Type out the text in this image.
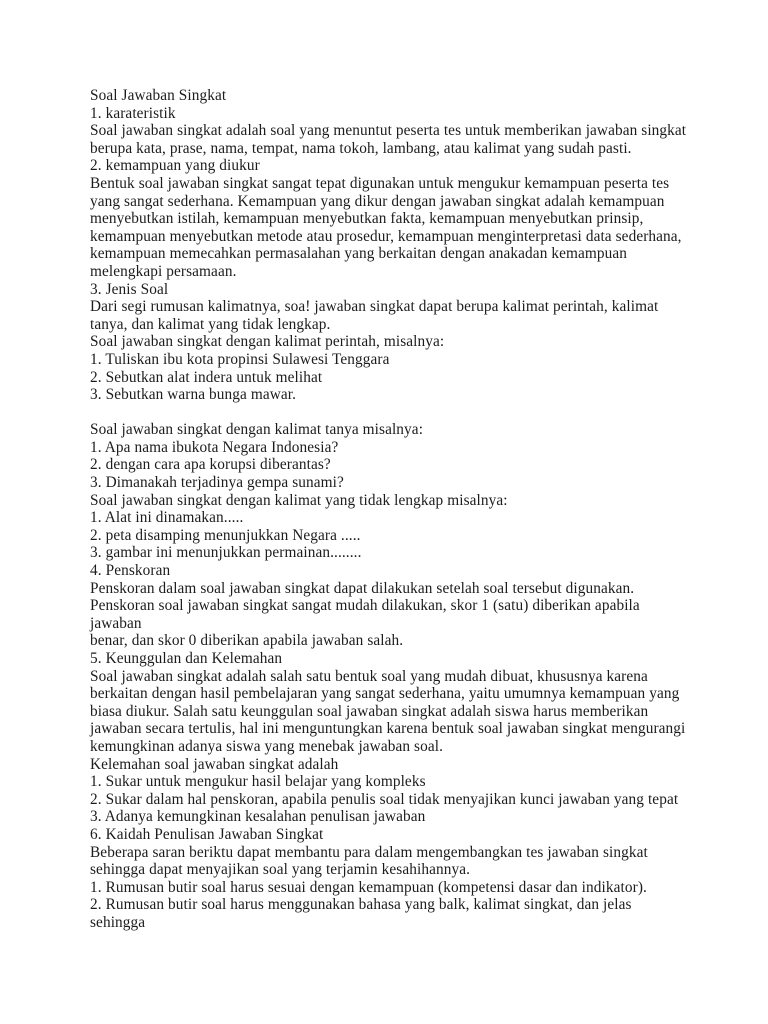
Soal Jawaban Singkat

1. karateristik

Soal jawaban singkat adalah soal yang menuntut peserta tes untuk memberikan jawaban singkat

berupa kata, prase, nama, tempat, nama tokoh, lambang, atau kalimat yang sudah pasti.

2. kemampuan yang diukur

Bentuk soal jawaban singkat sangat tepat digunakan untuk mengukur kemampuan peserta tes

yang sangat sederhana. Kemampuan yang dikur dengan jawaban singkat adalah kemampuan

menyebutkan istilah, kemampuan menyebutkan fakta, kemampuan menyebutkan prinsip,

kemampuan menyebutkan metode atau prosedur, kemampuan menginterpretasi data sederhana,

kemampuan memecahkan permasalahan yang berkaitan dengan anakadan kemampuan

melengkapi persamaan.

3. Jenis Soal

Dari segi rumusan kalimatnya, soa! jawaban singkat dapat berupa kalimat perintah, kalimat

tanya, dan kalimat yang tidak lengkap.

Soal jawaban singkat dengan kalimat perintah, misalnya:

1. Tuliskan ibu kota propinsi Sulawesi Tenggara

2. Sebutkan alat indera untuk melihat

3. Sebutkan warna bunga mawar.

Soal jawaban singkat dengan kalimat tanya misalnya:

1. Apa nama ibukota Negara Indonesia?

2. dengan cara apa korupsi diberantas?

3. Dimanakah terjadinya gempa sunami?

Soal jawaban singkat dengan kalimat yang tidak lengkap misalnya:

1. Alat ini dinamakan.....

2. peta disamping menunjukkan Negara .....

3. gambar ini menunjukkan permainan........

4. Penskoran

Penskoran dalam soal jawaban singkat dapat dilakukan setelah soal tersebut digunakan.

Penskoran soal jawaban singkat sangat mudah dilakukan, skor 1 (satu) diberikan apabila jawaban

benar, dan skor 0 diberikan apabila jawaban salah.

5. Keunggulan dan Kelemahan

Soal jawaban singkat adalah salah satu bentuk soal yang mudah dibuat, khususnya karena

berkaitan dengan hasil pembelajaran yang sangat sederhana, yaitu umumnya kemampuan yang

biasa diukur. Salah satu keunggulan soal jawaban singkat adalah siswa harus memberikan

jawaban secara tertulis, hal ini menguntungkan karena bentuk soal jawaban singkat mengurangi

kemungkinan adanya siswa yang menebak jawaban soal.

Kelemahan soal jawaban singkat adalah

1. Sukar untuk mengukur hasil belajar yang kompleks

2. Sukar dalam hal penskoran, apabila penulis soal tidak menyajikan kunci jawaban yang tepat

3. Adanya kemungkinan kesalahan penulisan jawaban

6. Kaidah Penulisan Jawaban Singkat

Beberapa saran beriktu dapat membantu para dalam mengembangkan tes jawaban singkat

sehingga dapat menyajikan soal yang terjamin kesahihannya.

1. Rumusan butir soal harus sesuai dengan kemampuan (kompetensi dasar dan indikator).

2. Rumusan butir soal harus menggunakan bahasa yang balk, kalimat singkat, dan jelas sehingga
